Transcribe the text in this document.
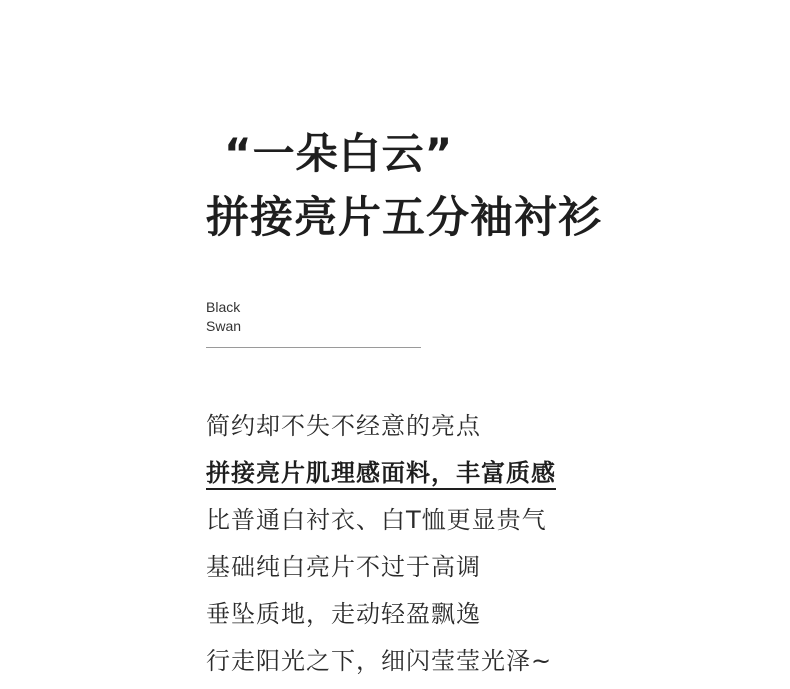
“一朵白云”
拼接亮片五分袖衬衫
Black
Swan
简约却不失不经意的亮点
拼接亮片肌理感面料，丰富质感
比普通白衬衣、白T恤更显贵气
基础纯白亮片不过于高调
垂坠质地，走动轻盈飘逸
行走阳光之下，细闪莹莹光泽~
